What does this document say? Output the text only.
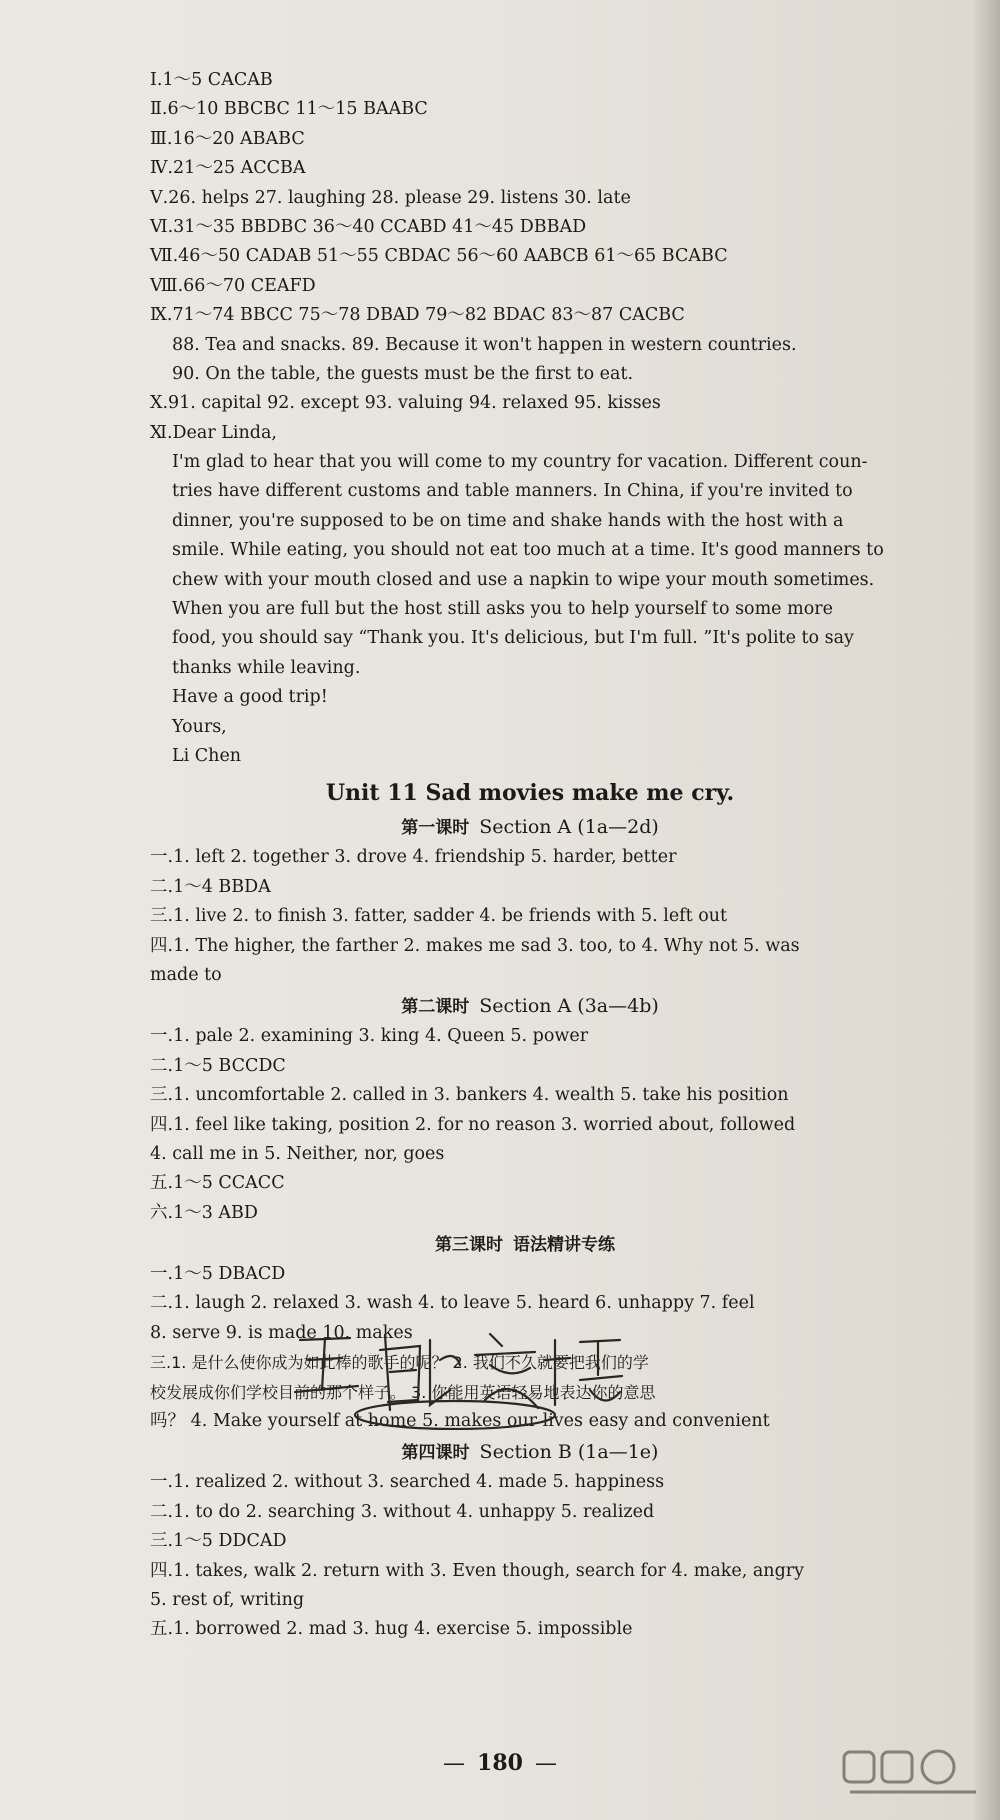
Ⅰ.1～5 CACAB
Ⅱ.6～10 BBCBC 11～15 BAABC
Ⅲ.16～20 ABABC
Ⅳ.21～25 ACCBA
Ⅴ.26. helps 27. laughing 28. please 29. listens 30. late
Ⅵ.31～35 BBDBC 36～40 CCABD 41～45 DBBAD
Ⅶ.46～50 CADAB 51～55 CBDAC 56～60 AABCB 61～65 BCABC
Ⅷ.66～70 CEAFD
Ⅸ.71～74 BBCC 75～78 DBAD 79～82 BDAC 83～87 CACBC
88. Tea and snacks. 89. Because it won't happen in western countries.
90. On the table, the guests must be the first to eat.
Ⅹ.91. capital 92. except 93. valuing 94. relaxed 95. kisses
Ⅺ.Dear Linda,
I'm glad to hear that you will come to my country for vacation. Different coun-
tries have different customs and table manners. In China, if you're invited to
dinner, you're supposed to be on time and shake hands with the host with a
smile. While eating, you should not eat too much at a time. It's good manners to
chew with your mouth closed and use a napkin to wipe your mouth sometimes.
When you are full but the host still asks you to help yourself to some more
food, you should say “Thank you. It's delicious, but I'm full. ”It's polite to say
thanks while leaving.
Have a good trip!
Yours,
Li Chen
Unit 11 Sad movies make me cry.
第一课时 Section A (1a—2d)
一.1. left 2. together 3. drove 4. friendship 5. harder, better
二.1～4 BBDA
三.1. live 2. to finish 3. fatter, sadder 4. be friends with 5. left out
四.1. The higher, the farther 2. makes me sad 3. too, to 4. Why not 5. was
made to
第二课时 Section A (3a—4b)
一.1. pale 2. examining 3. king 4. Queen 5. power
二.1～5 BCCDC
三.1. uncomfortable 2. called in 3. bankers 4. wealth 5. take his position
四.1. feel like taking, position 2. for no reason 3. worried about, followed
4. call me in 5. Neither, nor, goes
五.1～5 CCACC
六.1～3 ABD
第三课时 语法精讲专练
一.1～5 DBACD
二.1. laugh 2. relaxed 3. wash 4. to leave 5. heard 6. unhappy 7. feel
8. serve 9. is made 10. makes
三.1. 是什么使你成为如此棒的歌手的呢？ 2. 我们不久就要把我们的学
校发展成你们学校目前的那个样子。 3. 你能用英语轻易地表达你的意思
吗？ 4. Make yourself at home 5. makes our lives easy and convenient
第四课时 Section B (1a—1e)
一.1. realized 2. without 3. searched 4. made 5. happiness
二.1. to do 2. searching 3. without 4. unhappy 5. realized
三.1～5 DDCAD
四.1. takes, walk 2. return with 3. Even though, search for 4. make, angry
5. rest of, writing
五.1. borrowed 2. mad 3. hug 4. exercise 5. impossible
— 180 —
